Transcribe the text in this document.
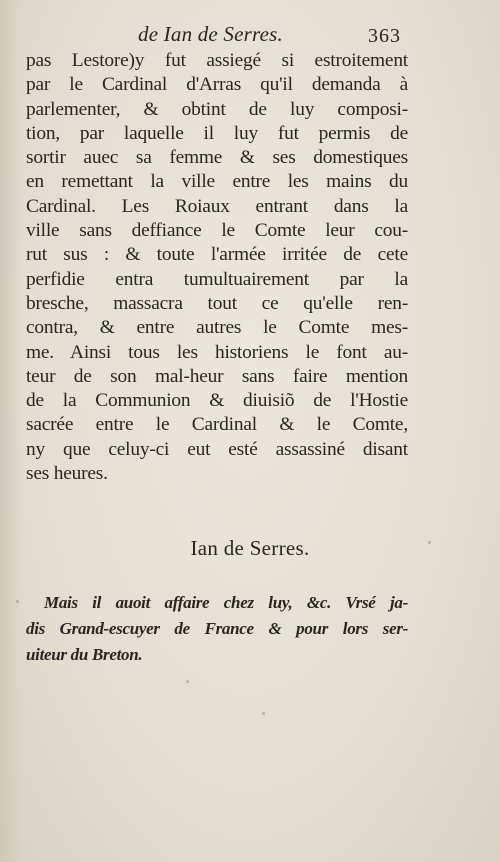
de Ian de Serres.	363
pas Lestore)y fut assiegé si estroitement
par le Cardinal d'Arras qu'il demanda à
parlementer, & obtint de luy composi-
tion, par laquelle il luy fut permis de
sortir auec sa femme & ses domestiques
en remettant la ville entre les mains du
Cardinal. Les Roiaux entrant dans la
ville sans deffiance le Comte leur cou-
rut sus : & toute l'armée irritée de cete
perfidie entra tumultuairement par la
bresche, massacra tout ce qu'elle ren-
contra, & entre autres le Comte mes-
me. Ainsi tous les historiens le font au-
teur de son mal-heur sans faire mention
de la Communion & diuisiõ de l'Hostie
sacrée entre le Cardinal & le Comte,
ny que celuy-ci eut esté assassiné disant
ses heures.
Ian de Serres.
Mais il auoit affaire chez luy, &c. Vrsé ja-
dis Grand-escuyer de France & pour lors ser-
uiteur du Breton.
